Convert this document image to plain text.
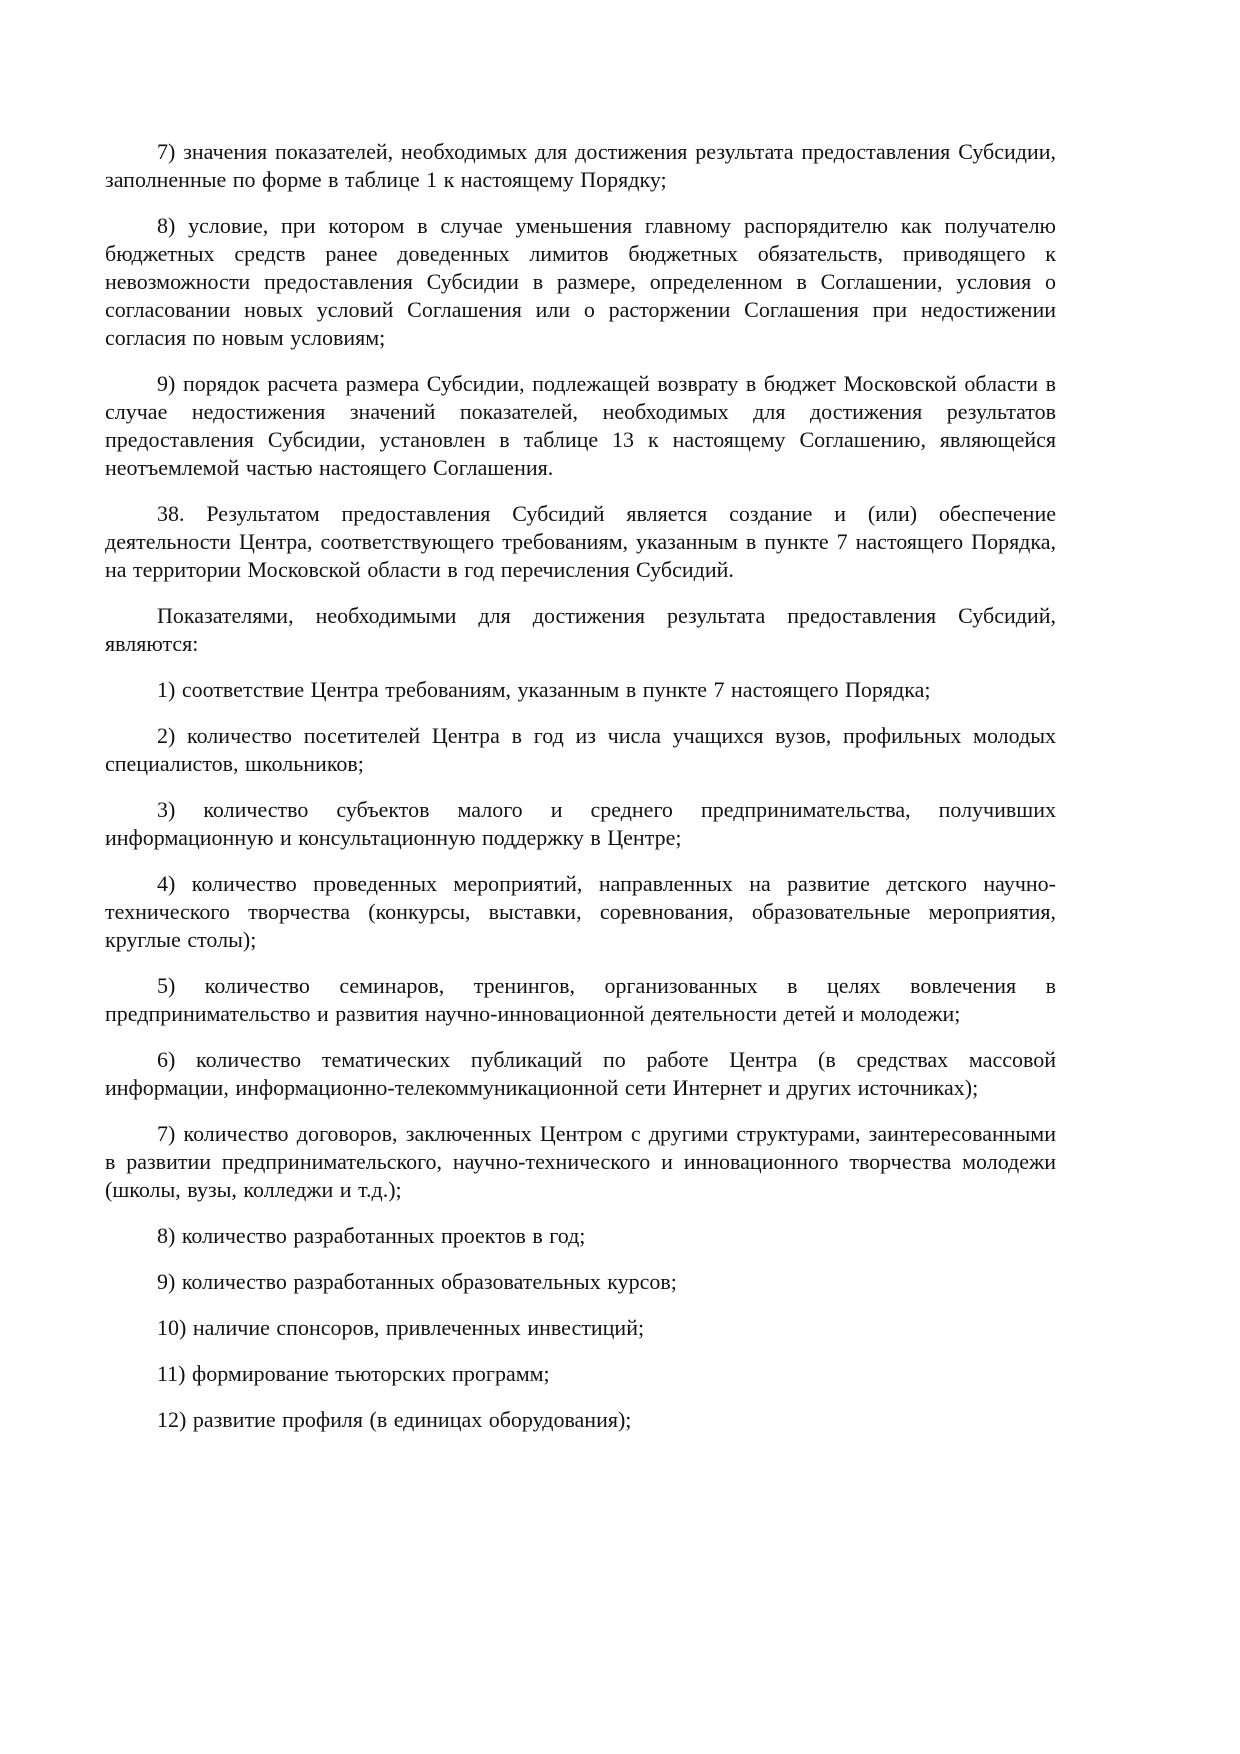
7) значения показателей, необходимых для достижения результата предоставления Субсидии, заполненные по форме в таблице 1 к настоящему Порядку;

8) условие, при котором в случае уменьшения главному распорядителю как получателю бюджетных средств ранее доведенных лимитов бюджетных обязательств, приводящего к невозможности предоставления Субсидии в размере, определенном в Соглашении, условия о согласовании новых условий Соглашения или о расторжении Соглашения при недостижении согласия по новым условиям;

9) порядок расчета размера Субсидии, подлежащей возврату в бюджет Московской области в случае недостижения значений показателей, необходимых для достижения результатов предоставления Субсидии, установлен в таблице 13 к настоящему Соглашению, являющейся неотъемлемой частью настоящего Соглашения.

38. Результатом предоставления Субсидий является создание и (или) обеспечение деятельности Центра, соответствующего требованиям, указанным в пункте 7 настоящего Порядка, на территории Московской области в год перечисления Субсидий.

Показателями, необходимыми для достижения результата предоставления Субсидий, являются:

1) соответствие Центра требованиям, указанным в пункте 7 настоящего Порядка;

2) количество посетителей Центра в год из числа учащихся вузов, профильных молодых специалистов, школьников;

3) количество субъектов малого и среднего предпринимательства, получивших информационную и консультационную поддержку в Центре;

4) количество проведенных мероприятий, направленных на развитие детского научно-технического творчества (конкурсы, выставки, соревнования, образовательные мероприятия, круглые столы);

5) количество семинаров, тренингов, организованных в целях вовлечения в предпринимательство и развития научно-инновационной деятельности детей и молодежи;

6) количество тематических публикаций по работе Центра (в средствах массовой информации, информационно-телекоммуникационной сети Интернет и других источниках);

7) количество договоров, заключенных Центром с другими структурами, заинтересованными в развитии предпринимательского, научно-технического и инновационного творчества молодежи (школы, вузы, колледжи и т.д.);

8) количество разработанных проектов в год;

9) количество разработанных образовательных курсов;

10) наличие спонсоров, привлеченных инвестиций;

11) формирование тьюторских программ;

12) развитие профиля (в единицах оборудования);
